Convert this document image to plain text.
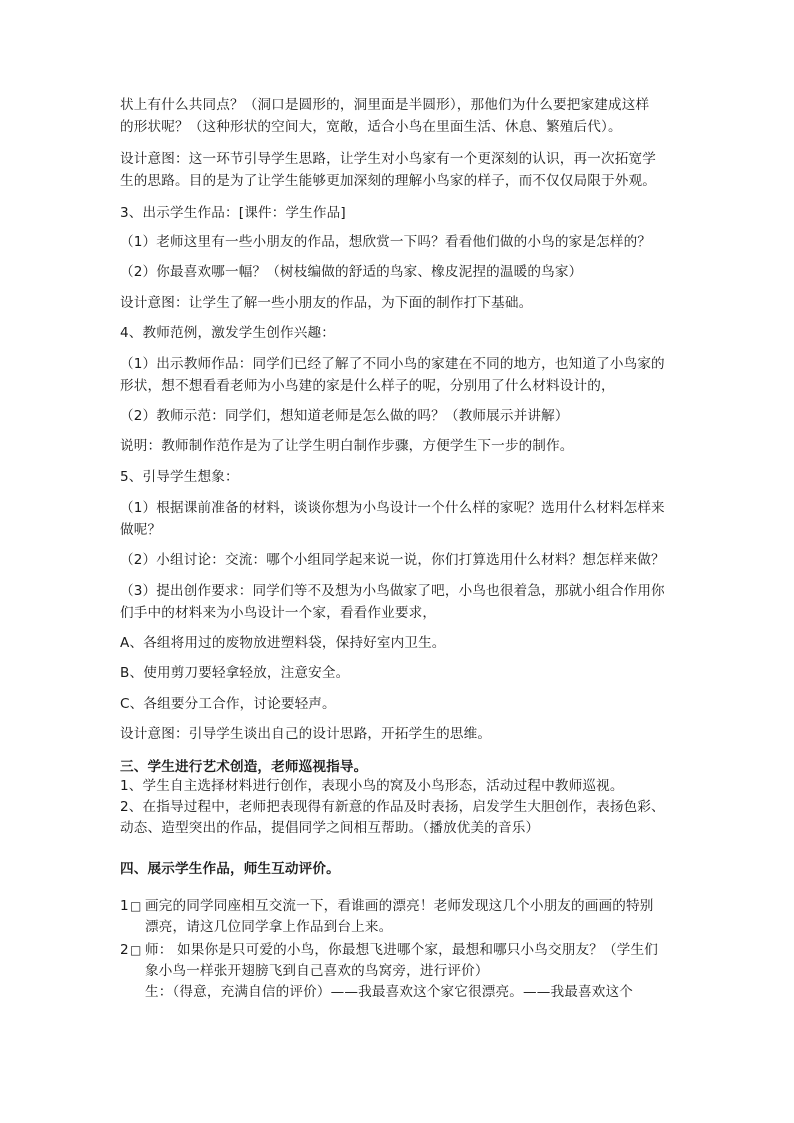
状上有什么共同点？（洞口是圆形的，洞里面是半圆形），那他们为什么要把家建成这样

的形状呢？（这种形状的空间大，宽敞，适合小鸟在里面生活、休息、繁殖后代）。

设计意图：这一环节引导学生思路，让学生对小鸟家有一个更深刻的认识，再一次拓宽学

生的思路。目的是为了让学生能够更加深刻的理解小鸟家的样子，而不仅仅局限于外观。

3、出示学生作品：[课件：学生作品]

（1）老师这里有一些小朋友的作品，想欣赏一下吗？看看他们做的小鸟的家是怎样的？

（2）你最喜欢哪一幅？（树枝编做的舒适的鸟家、橡皮泥捏的温暖的鸟家）

设计意图：让学生了解一些小朋友的作品，为下面的制作打下基础。

4、教师范例，激发学生创作兴趣：

（1）出示教师作品：同学们已经了解了不同小鸟的家建在不同的地方，也知道了小鸟家的

形状，想不想看看老师为小鸟建的家是什么样子的呢，分别用了什么材料设计的，

（2）教师示范：同学们，想知道老师是怎么做的吗？（教师展示并讲解）

说明：教师制作范作是为了让学生明白制作步骤，方便学生下一步的制作。

5、引导学生想象：

（1）根据课前准备的材料，谈谈你想为小鸟设计一个什么样的家呢？选用什么材料怎样来

做呢？

（2）小组讨论：交流：哪个小组同学起来说一说，你们打算选用什么材料？想怎样来做？

（3）提出创作要求：同学们等不及想为小鸟做家了吧，小鸟也很着急，那就小组合作用你

们手中的材料来为小鸟设计一个家，看看作业要求，

A、各组将用过的废物放进塑料袋，保持好室内卫生。

B、使用剪刀要轻拿轻放，注意安全。

C、各组要分工合作，讨论要轻声。

设计意图：引导学生谈出自己的设计思路，开拓学生的思维。

三、学生进行艺术创造，老师巡视指导。

1、学生自主选择材料进行创作，表现小鸟的窝及小鸟形态，活动过程中教师巡视。

2、在指导过程中，老师把表现得有新意的作品及时表扬，启发学生大胆创作，表扬色彩、

动态、造型突出的作品，提倡同学之间相互帮助。（播放优美的音乐）

四、展示学生作品，师生互动评价。

1 □ 画完的同学同座相互交流一下，看谁画的漂亮！老师发现这几个小朋友的画画的特别

漂亮，请这几位同学拿上作品到台上来。

2 □ 师： 如果你是只可爱的小鸟，你最想飞进哪个家，最想和哪只小鸟交朋友？（学生们

象小鸟一样张开翅膀飞到自己喜欢的鸟窝旁，进行评价）

生：（得意，充满自信的评价）——我最喜欢这个家它很漂亮。——我最喜欢这个
